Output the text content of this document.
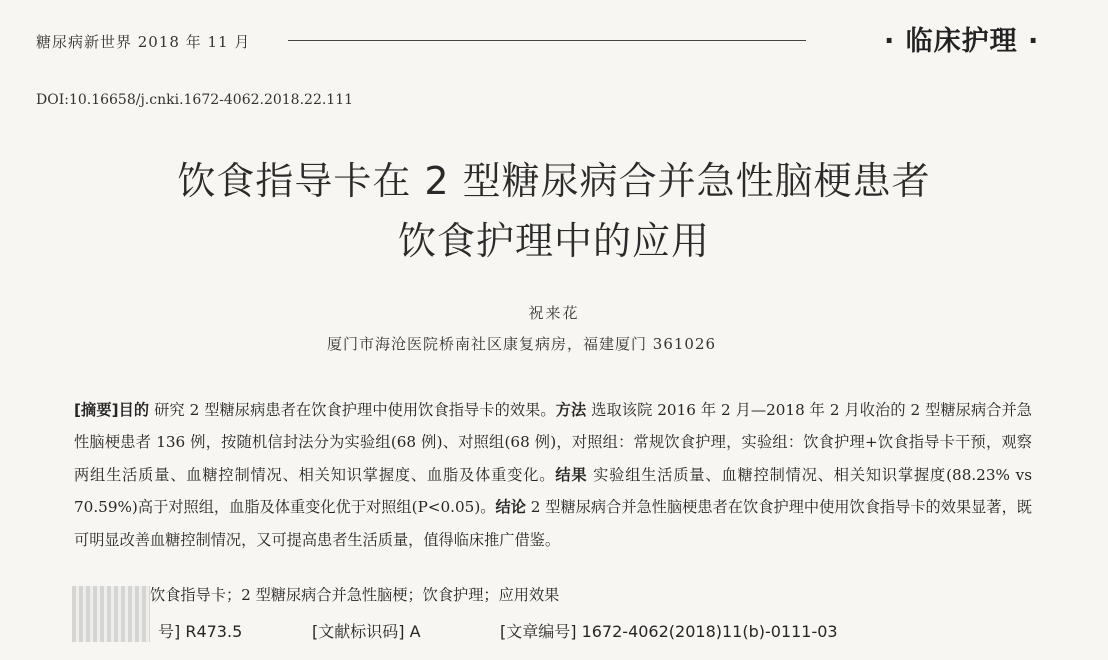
糖尿病新世界 2018 年 11 月	· 临床护理 ·
DOI:10.16658/j.cnki.1672-4062.2018.22.111
饮食指导卡在 2 型糖尿病合并急性脑梗患者
饮食护理中的应用
祝来花
厦门市海沧医院桥南社区康复病房，福建厦门 361026
[摘要]目的 研究 2 型糖尿病患者在饮食护理中使用饮食指导卡的效果。方法 选取该院 2016 年 2 月—2018 年 2 月收治的 2 型糖尿病合并急性脑梗患者 136 例，按随机信封法分为实验组(68 例)、对照组(68 例)，对照组：常规饮食护理，实验组：饮食护理+饮食指导卡干预，观察两组生活质量、血糖控制情况、相关知识掌握度、血脂及体重变化。结果 实验组生活质量、血糖控制情况、相关知识掌握度(88.23% vs 70.59%)高于对照组，血脂及体重变化优于对照组(P<0.05)。结论 2 型糖尿病合并急性脑梗患者在饮食护理中使用饮食指导卡的效果显著，既可明显改善血糖控制情况，又可提高患者生活质量，值得临床推广借鉴。
饮食指导卡；2 型糖尿病合并急性脑梗；饮食护理；应用效果
号] R473.5	[文献标识码] A	[文章编号] 1672-4062(2018)11(b)-0111-03
